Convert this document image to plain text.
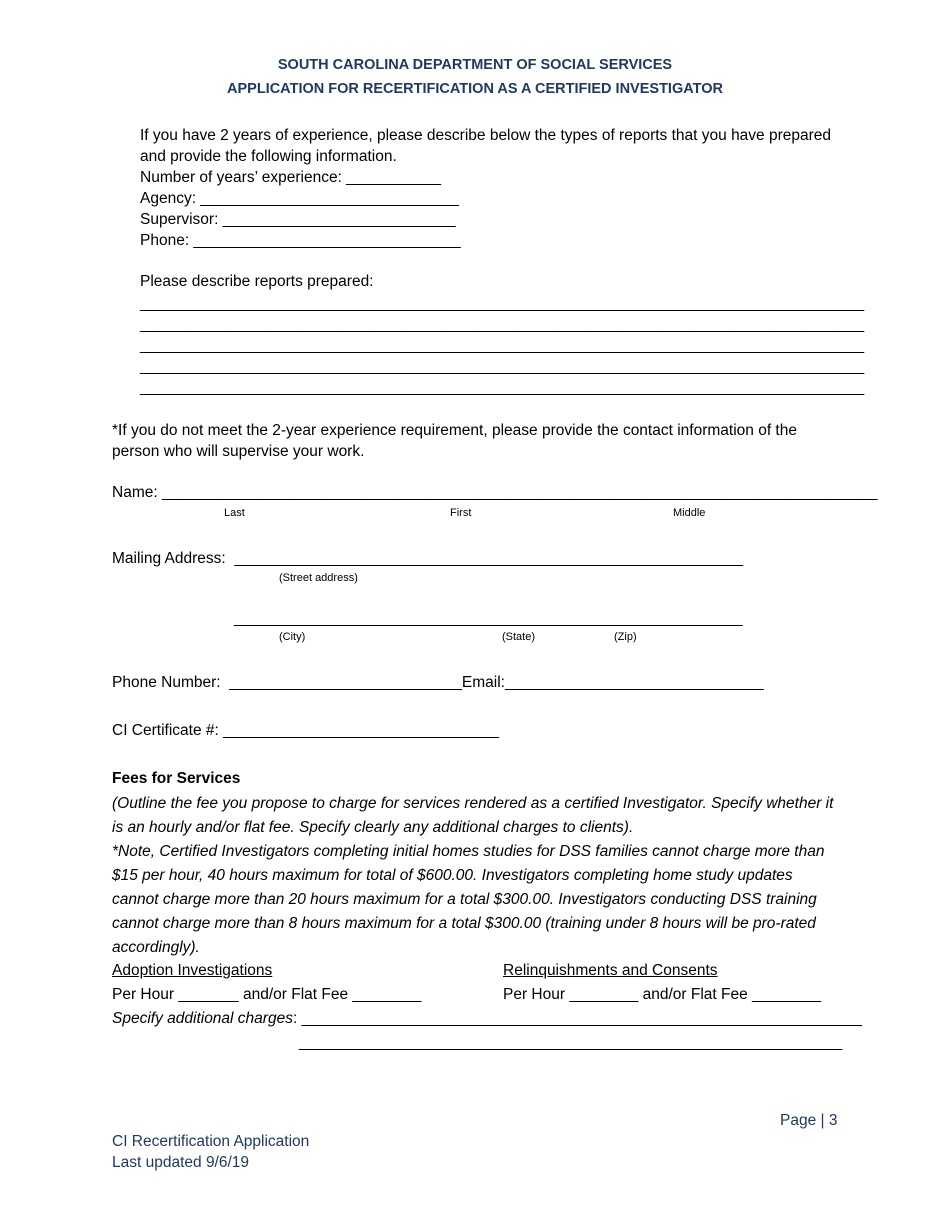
SOUTH CAROLINA DEPARTMENT OF SOCIAL SERVICES
APPLICATION FOR RECERTIFICATION AS A CERTIFIED INVESTIGATOR
If you have 2 years of experience, please describe below the types of reports that you have prepared
and provide the following information.
Number of years’ experience: ___________
Agency: ______________________________
Supervisor: ___________________________
Phone: _______________________________
Please describe reports prepared:
____________________________________________________________________________________
____________________________________________________________________________________
____________________________________________________________________________________
____________________________________________________________________________________
____________________________________________________________________________________
*If you do not meet the 2-year experience requirement, please provide the contact information of the
person who will supervise your work.
Name: ___________________________________________________________________________________
Last	First	Middle
Mailing Address:  ___________________________________________________________
(Street address)
___________________________________________________________
(City)	(State)	(Zip)
Phone Number:  ___________________________Email:______________________________
CI Certificate #: ________________________________
Fees for Services

(Outline the fee you propose to charge for services rendered as a certified Investigator. Specify whether it is an hourly and/or flat fee. Specify clearly any additional charges to clients).

*Note, Certified Investigators completing initial homes studies for DSS families cannot charge more than $15 per hour, 40 hours maximum for total of $600.00. Investigators completing home study updates cannot charge more than 20 hours maximum for a total $300.00. Investigators conducting DSS training cannot charge more than 8 hours maximum for a total $300.00 (training under 8 hours will be pro-rated accordingly).

Adoption Investigations	Relinquishments and Consents
Per Hour _______ and/or Flat Fee ________	Per Hour ________ and/or Flat Fee ________
Specify additional charges: _________________________________________________________________
_______________________________________________________________
Page | 3
CI Recertification Application
Last updated 9/6/19
